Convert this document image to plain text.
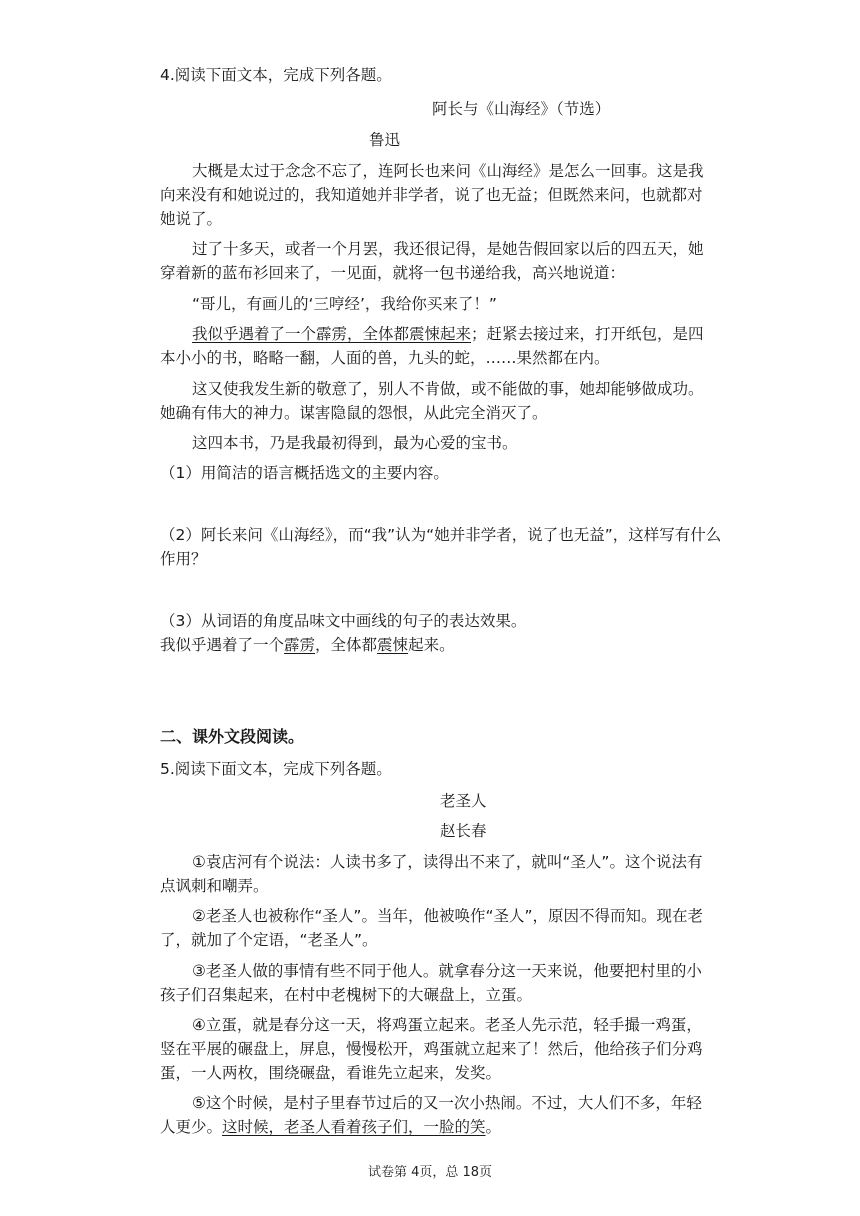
4.阅读下面文本，完成下列各题。
阿长与《山海经》（节选）
鲁迅
大概是太过于念念不忘了，连阿长也来问《山海经》是怎么一回事。这是我
向来没有和她说过的，我知道她并非学者，说了也无益；但既然来问，也就都对
她说了。
过了十多天，或者一个月罢，我还很记得，是她告假回家以后的四五天，她
穿着新的蓝布衫回来了，一见面，就将一包书递给我，高兴地说道：
“哥儿，有画儿的‘三哼经’，我给你买来了！”
我似乎遇着了一个霹雳，全体都震悚起来；赶紧去接过来，打开纸包，是四
本小小的书，略略一翻，人面的兽，九头的蛇，……果然都在内。
这又使我发生新的敬意了，别人不肯做，或不能做的事，她却能够做成功。
她确有伟大的神力。谋害隐鼠的怨恨，从此完全消灭了。
这四本书，乃是我最初得到，最为心爱的宝书。
（1）用简洁的语言概括选文的主要内容。
（2）阿长来问《山海经》，而“我”认为“她并非学者，说了也无益”，这样写有什么
作用？
（3）从词语的角度品味文中画线的句子的表达效果。
我似乎遇着了一个霹雳，全体都震悚起来。
二、课外文段阅读。
5.阅读下面文本，完成下列各题。
老圣人
赵长春
①袁店河有个说法：人读书多了，读得出不来了，就叫“圣人”。这个说法有
点讽刺和嘲弄。
②老圣人也被称作“圣人”。当年，他被唤作“圣人”，原因不得而知。现在老
了，就加了个定语，“老圣人”。
③老圣人做的事情有些不同于他人。就拿春分这一天来说，他要把村里的小
孩子们召集起来，在村中老槐树下的大碾盘上，立蛋。
④立蛋，就是春分这一天，将鸡蛋立起来。老圣人先示范，轻手撮一鸡蛋，
竖在平展的碾盘上，屏息，慢慢松开，鸡蛋就立起来了！然后，他给孩子们分鸡
蛋，一人两枚，围绕碾盘，看谁先立起来，发奖。
⑤这个时候，是村子里春节过后的又一次小热闹。不过，大人们不多，年轻
人更少。这时候，老圣人看着孩子们，一脸的笑。
试卷第 4页，总 18页
